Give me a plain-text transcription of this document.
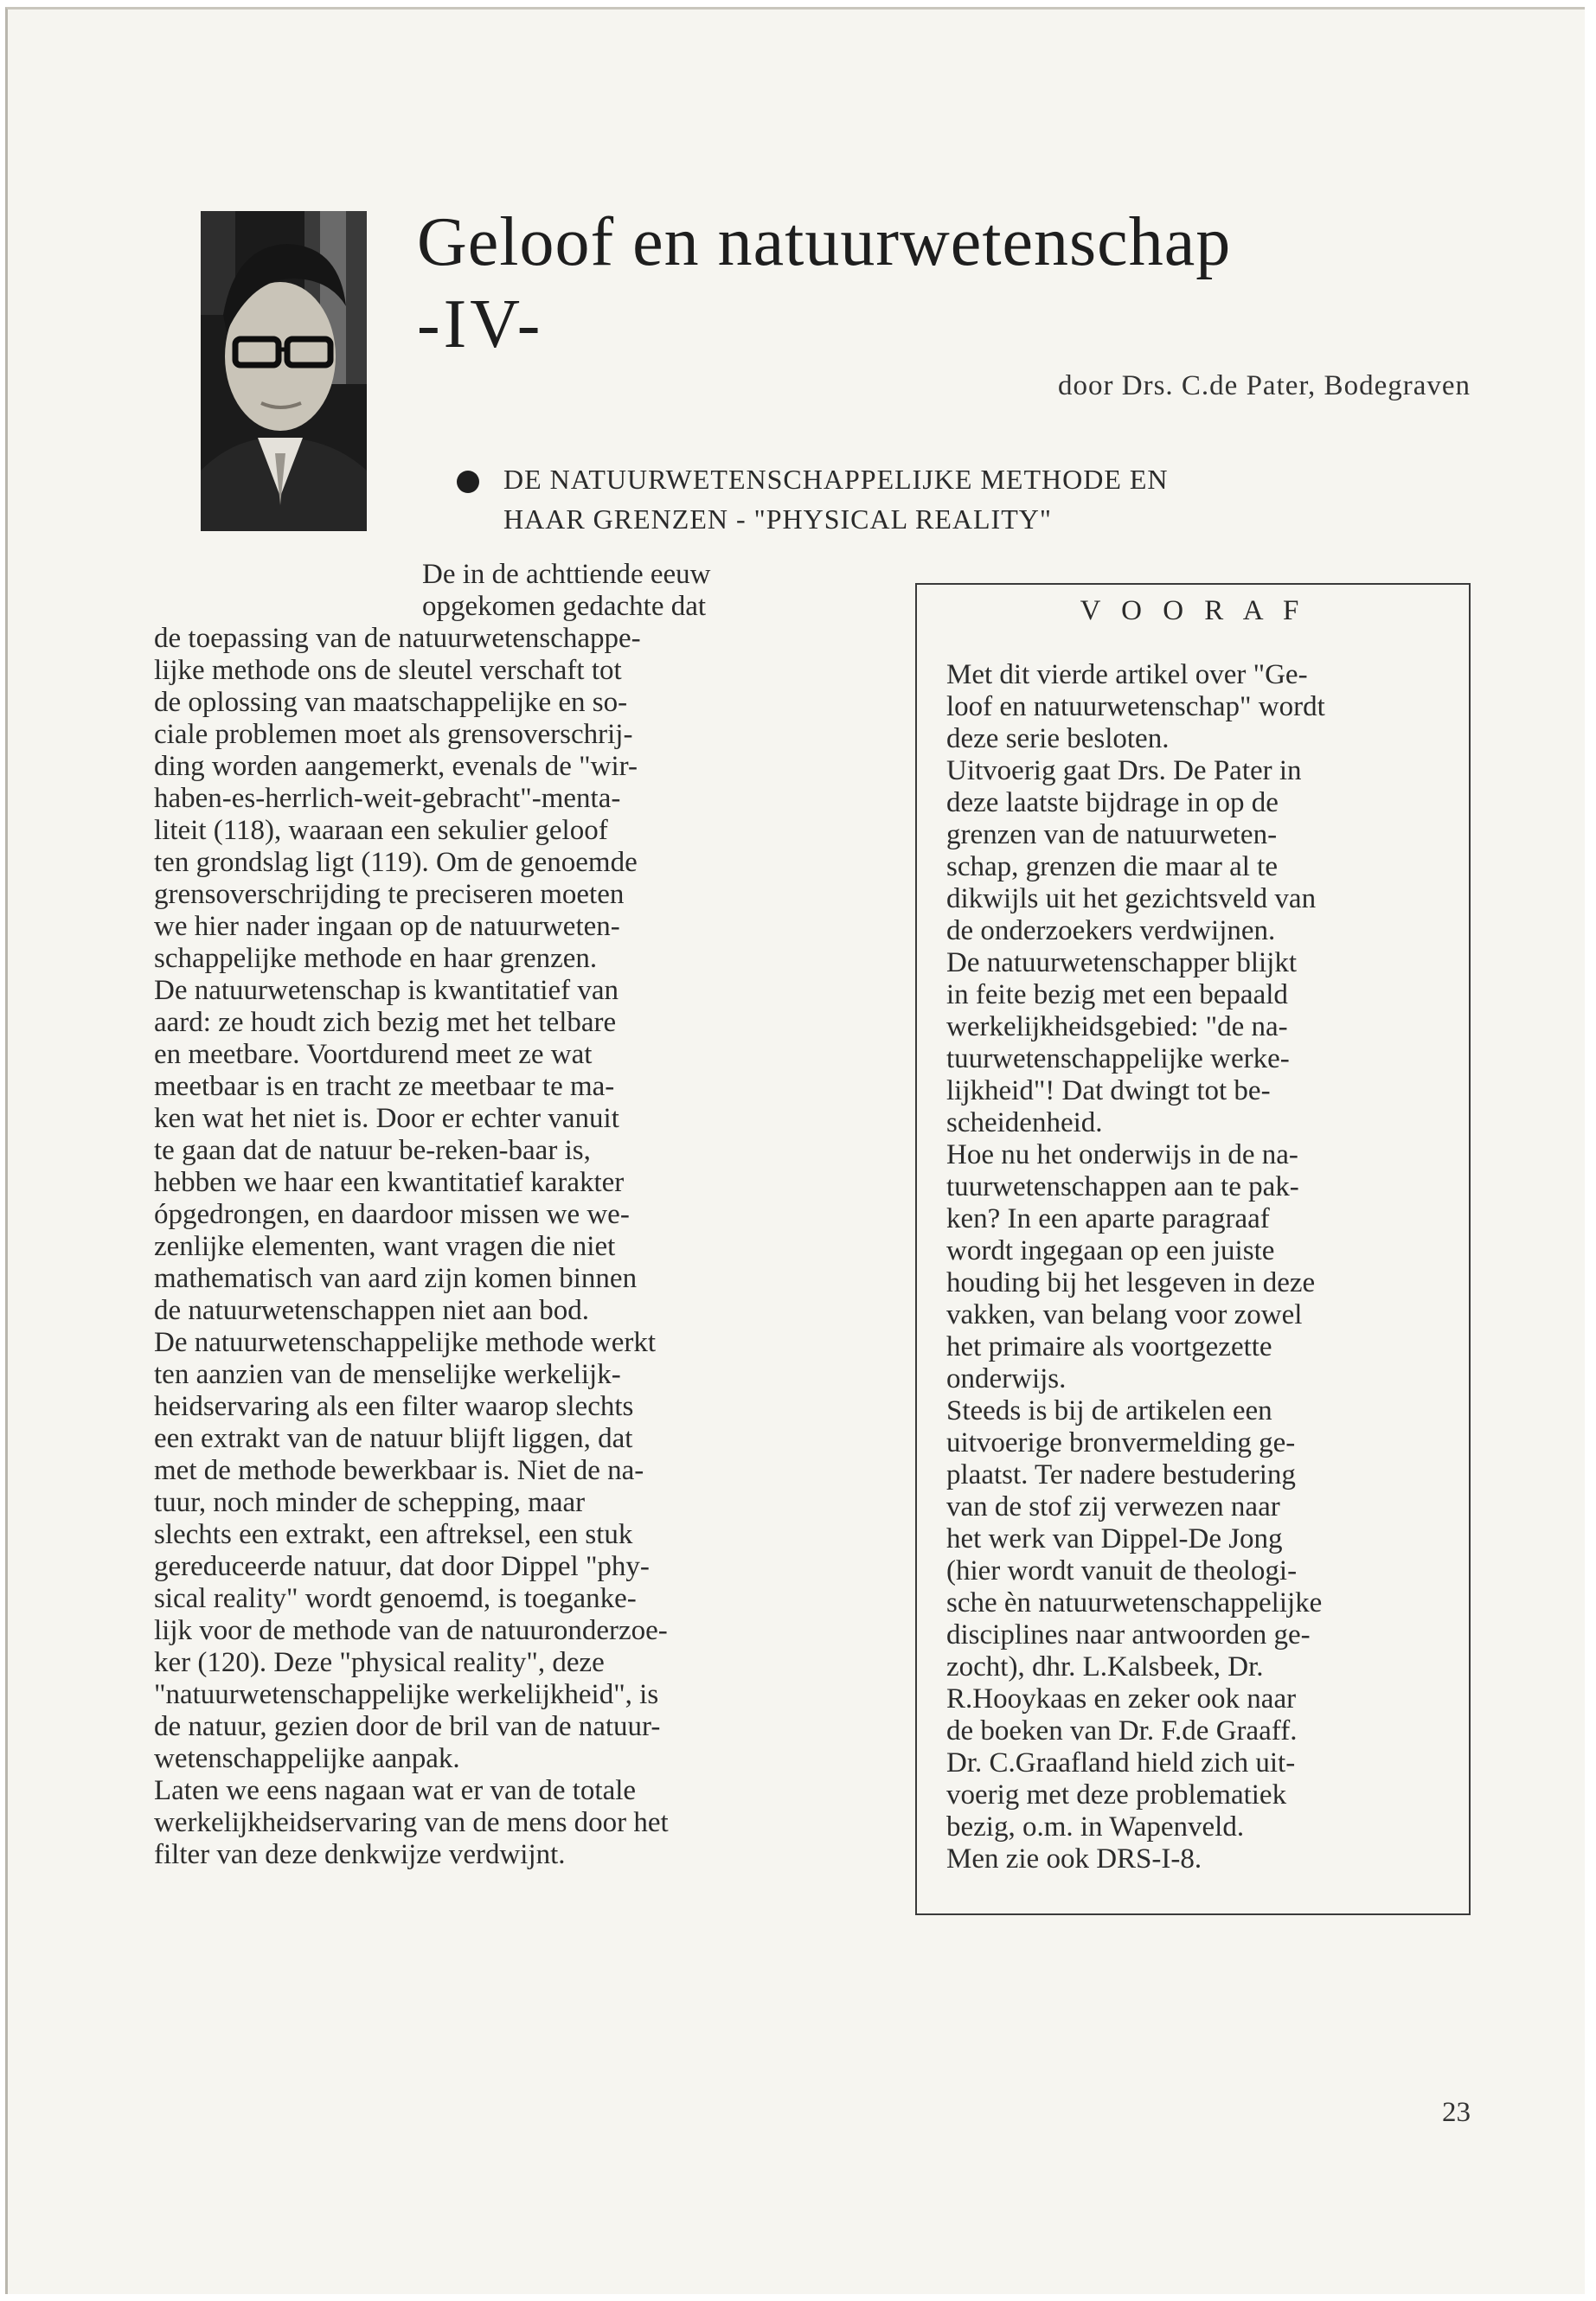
Geloof en natuurwetenschap
-IV-
door Drs. C.de Pater, Bodegraven
DE NATUURWETENSCHAPPELIJKE METHODE EN
HAAR GRENZEN - "PHYSICAL REALITY"
De in de achttiende eeuw
opgekomen gedachte dat
de toepassing van de natuurwetenschappe-
lijke methode ons de sleutel verschaft tot
de oplossing van maatschappelijke en so-
ciale problemen moet als grensoverschrij-
ding worden aangemerkt, evenals de "wir-
haben-es-herrlich-weit-gebracht"-menta-
liteit (118), waaraan een sekulier geloof
ten grondslag ligt (119). Om de genoemde
grensoverschrijding te preciseren moeten
we hier nader ingaan op de natuurweten-
schappelijke methode en haar grenzen.
De natuurwetenschap is kwantitatief van
aard: ze houdt zich bezig met het telbare
en meetbare. Voortdurend meet ze wat
meetbaar is en tracht ze meetbaar te ma-
ken wat het niet is. Door er echter vanuit
te gaan dat de natuur be-reken-baar is,
hebben we haar een kwantitatief karakter
ópgedrongen, en daardoor missen we we-
zenlijke elementen, want vragen die niet
mathematisch van aard zijn komen binnen
de natuurwetenschappen niet aan bod.
De natuurwetenschappelijke methode werkt
ten aanzien van de menselijke werkelijk-
heidservaring als een filter waarop slechts
een extrakt van de natuur blijft liggen, dat
met de methode bewerkbaar is. Niet de na-
tuur, noch minder de schepping, maar
slechts een extrakt, een aftreksel, een stuk
gereduceerde natuur, dat door Dippel "phy-
sical reality" wordt genoemd, is toeganke-
lijk voor de methode van de natuuronderzoe-
ker (120). Deze "physical reality", deze
"natuurwetenschappelijke werkelijkheid", is
de natuur, gezien door de bril van de natuur-
wetenschappelijke aanpak.
Laten we eens nagaan wat er van de totale
werkelijkheidservaring van de mens door het
filter van deze denkwijze verdwijnt.
V O O R A F
Met dit vierde artikel over "Ge-
loof en natuurwetenschap" wordt
deze serie besloten.
Uitvoerig gaat Drs. De Pater in
deze laatste bijdrage in op de
grenzen van de natuurweten-
schap, grenzen die maar al te
dikwijls uit het gezichtsveld van
de onderzoekers verdwijnen.
De natuurwetenschapper blijkt
in feite bezig met een bepaald
werkelijkheidsgebied: "de na-
tuurwetenschappelijke werke-
lijkheid"! Dat dwingt tot be-
scheidenheid.
Hoe nu het onderwijs in de na-
tuurwetenschappen aan te pak-
ken? In een aparte paragraaf
wordt ingegaan op een juiste
houding bij het lesgeven in deze
vakken, van belang voor zowel
het primaire als voortgezette
onderwijs.
Steeds is bij de artikelen een
uitvoerige bronvermelding ge-
plaatst. Ter nadere bestudering
van de stof zij verwezen naar
het werk van Dippel-De Jong
(hier wordt vanuit de theologi-
sche èn natuurwetenschappelijke
disciplines naar antwoorden ge-
zocht), dhr. L.Kalsbeek, Dr.
R.Hooykaas en zeker ook naar
de boeken van Dr. F.de Graaff.
Dr. C.Graafland hield zich uit-
voerig met deze problematiek
bezig, o.m. in Wapenveld.
Men zie ook DRS-I-8.
23
